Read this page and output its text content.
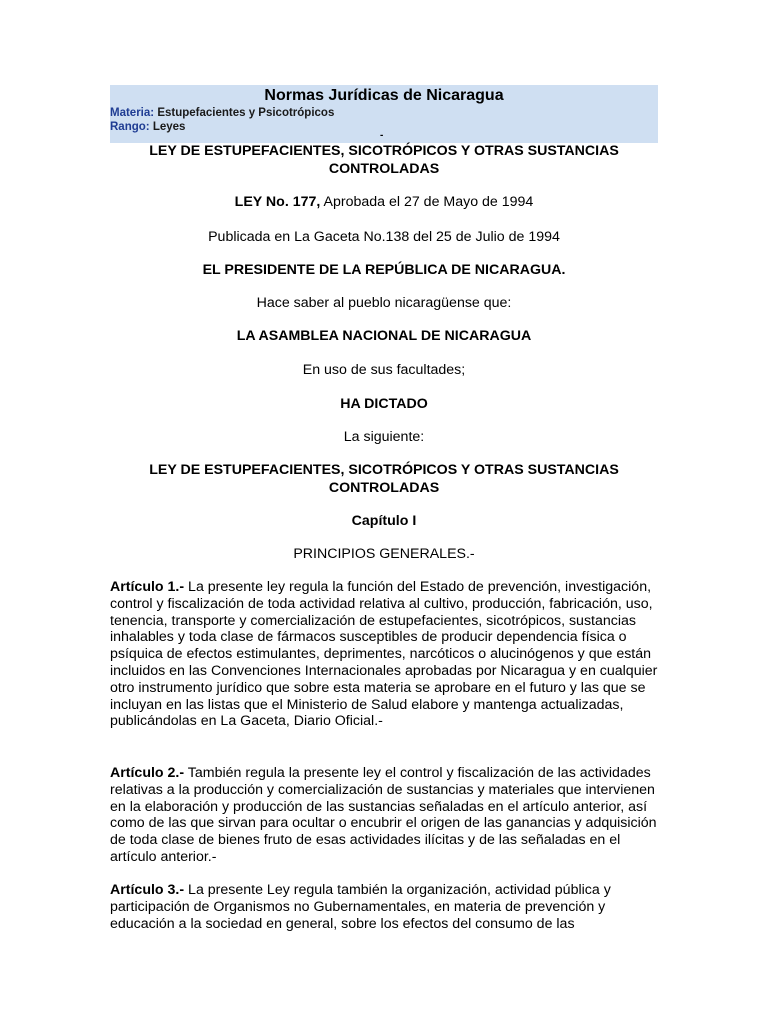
Normas Jurídicas de Nicaragua
Materia: Estupefacientes y Psicotrópicos
Rango: Leyes
-
LEY DE ESTUPEFACIENTES, SICOTRÓPICOS Y OTRAS SUSTANCIAS CONTROLADAS
LEY No. 177, Aprobada el 27 de Mayo de 1994
Publicada en La Gaceta No.138 del 25 de Julio de 1994
EL PRESIDENTE DE LA REPÚBLICA DE NICARAGUA.
Hace saber al pueblo nicaragüense que:
LA ASAMBLEA NACIONAL DE NICARAGUA
En uso de sus facultades;
HA DICTADO
La siguiente:
LEY DE ESTUPEFACIENTES, SICOTRÓPICOS Y OTRAS SUSTANCIAS CONTROLADAS
Capítulo I
PRINCIPIOS GENERALES.-
Artículo 1.- La presente ley regula la función del Estado de prevención, investigación, control y fiscalización de toda actividad relativa al cultivo, producción, fabricación, uso, tenencia, transporte y comercialización de estupefacientes, sicotrópicos, sustancias inhalables y toda clase de fármacos susceptibles de producir dependencia física o psíquica de efectos estimulantes, deprimentes, narcóticos o alucinógenos y que están incluidos en las Convenciones Internacionales aprobadas por Nicaragua y en cualquier otro instrumento jurídico que sobre esta materia se aprobare en el futuro y las que se incluyan en las listas que el Ministerio de Salud elabore y mantenga actualizadas, publicándolas en La Gaceta, Diario Oficial.-
Artículo 2.- También regula la presente ley el control y fiscalización de las actividades relativas a la producción y comercialización de sustancias y materiales que intervienen en la elaboración y producción de las sustancias señaladas en el artículo anterior, así como de las que sirvan para ocultar o encubrir el origen de las ganancias y adquisición de toda clase de bienes fruto de esas actividades ilícitas y de las señaladas en el artículo anterior.-
Artículo 3.- La presente Ley regula también la organización, actividad pública y participación de Organismos no Gubernamentales, en materia de prevención y educación a la sociedad en general, sobre los efectos del consumo de las
